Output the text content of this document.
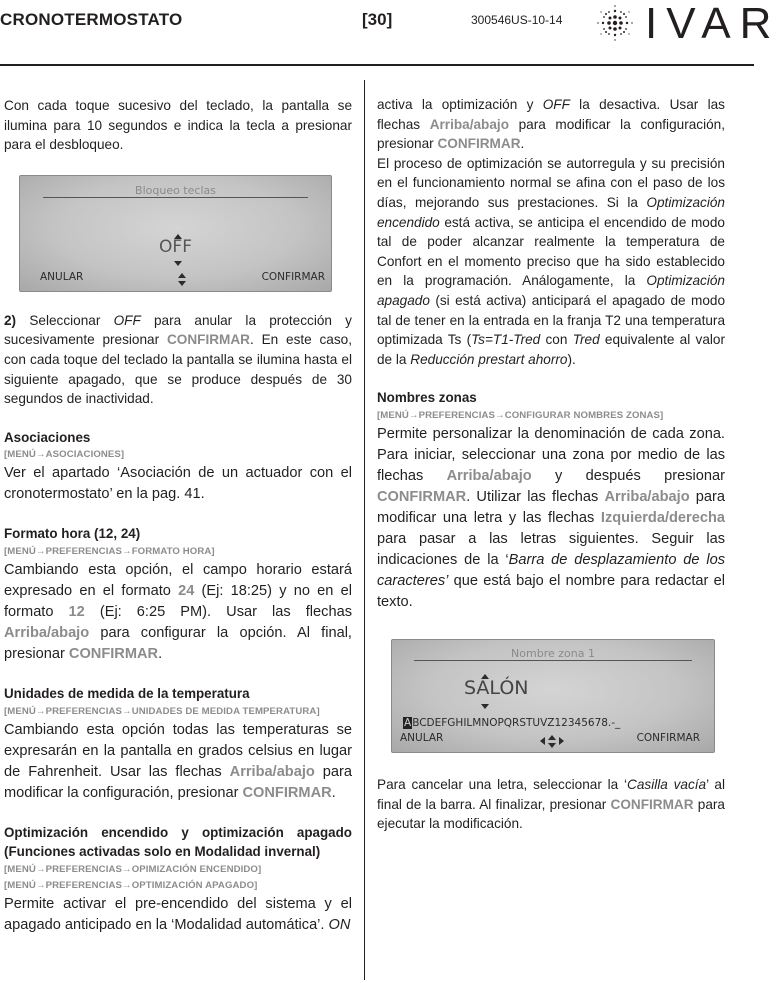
CRONOTERMOSTATO	[30]	300546US-10-14 IVAR

Con cada toque sucesivo del teclado, la pantalla se ilumina para 10 segundos e indica la tecla a presionar para el desbloqueo.

Bloqueo teclas
OFF
ANULAR	CONFIRMAR

2) Seleccionar OFF para anular la protección y sucesivamente presionar CONFIRMAR. En este caso, con cada toque del teclado la pantalla se ilumina hasta el siguiente apagado, que se produce después de 30 segundos de inactividad.

Asociaciones
[MENÚ→ASOCIACIONES]

Ver el apartado ‘Asociación de un actuador con el cronotermostato’ en la pag. 41.

Formato hora (12, 24)
[MENÚ→PREFERENCIAS→FORMATO HORA]

Cambiando esta opción, el campo horario estará expresado en el formato 24 (Ej: 18:25) y no en el formato 12 (Ej: 6:25 PM). Usar las flechas Arriba/abajo para configurar la opción. Al final, presionar CONFIRMAR.

Unidades de medida de la temperatura
[MENÚ→PREFERENCIAS→UNIDADES DE MEDIDA TEMPERATURA]

Cambiando esta opción todas las temperaturas se expresarán en la pantalla en grados celsius en lugar de Fahrenheit. Usar las flechas Arriba/abajo para modificar la configuración, presionar CONFIRMAR.

Optimización encendido y optimización apagado (Funciones activadas solo en Modalidad invernal)
[MENÚ→PREFERENCIAS→OPIMIZACIÓN ENCENDIDO]
[MENÚ→PREFERENCIAS→OPTIMIZACIÓN APAGADO]

Permite activar el pre-encendido del sistema y el apagado anticipado en la ‘Modalidad automática’. ON

activa la optimización y OFF la desactiva. Usar las flechas Arriba/abajo para modificar la configuración, presionar CONFIRMAR.

El proceso de optimización se autorregula y su precisión en el funcionamiento normal se afina con el paso de los días, mejorando sus prestaciones. Si la Optimización encendido está activa, se anticipa el encendido de modo tal de poder alcanzar realmente la temperatura de Confort en el momento preciso que ha sido establecido en la programación. Análogamente, la Optimización apagado (si está activa) anticipará el apagado de modo tal de tener en la entrada en la franja T2 una temperatura optimizada Ts (Ts=T1-Tred con Tred equivalente al valor de la Reducción prestart ahorro).

Nombres zonas
[MENÚ→PREFERENCIAS→CONFIGURAR NOMBRES ZONAS]

Permite personalizar la denominación de cada zona. Para iniciar, seleccionar una zona por medio de las flechas Arriba/abajo y después presionar CONFIRMAR. Utilizar las flechas Arriba/abajo para modificar una letra y las flechas Izquierda/derecha para pasar a las letras siguientes. Seguir las indicaciones de la ‘Barra de desplazamiento de los caracteres’ que está bajo el nombre para redactar el texto.

Nombre zona 1
SALÓN
ABCDEFGHILMNOPQRSTUVZ12345678.-_
ANULAR	CONFIRMAR

Para cancelar una letra, seleccionar la ‘Casilla vacía’ al final de la barra. Al finalizar, presionar CONFIRMAR para ejecutar la modificación.
